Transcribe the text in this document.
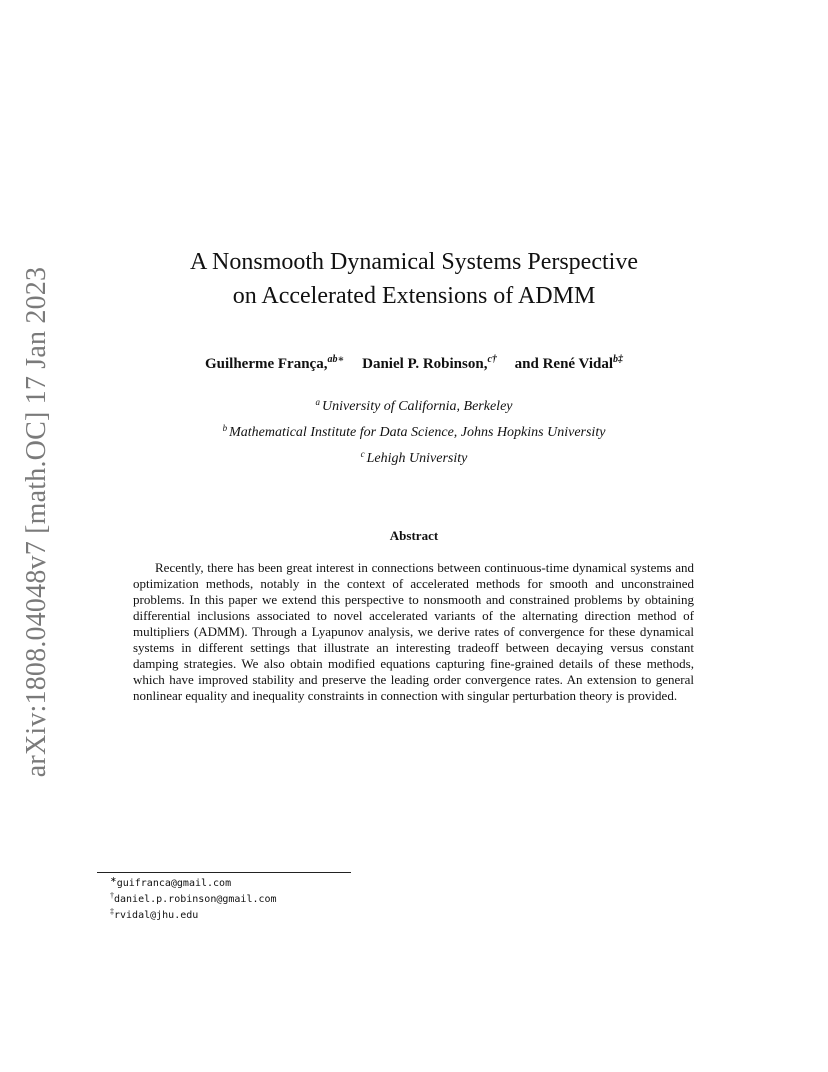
arXiv:1808.04048v7 [math.OC] 17 Jan 2023
A Nonsmooth Dynamical Systems Perspective
on Accelerated Extensions of ADMM
Guilherme França,$^{ab∗}$ Daniel P. Robinson,$^{c\dagger}$ and René Vidal$^{b\ddagger}$
$^a$ University of California, Berkeley
$^b$ Mathematical Institute for Data Science, Johns Hopkins University
$^c$ Lehigh University
Abstract

Recently, there has been great interest in connections between continuous-time dynamical systems and optimization methods, notably in the context of accelerated methods for smooth and unconstrained problems. In this paper we extend this perspective to nonsmooth and constrained problems by obtaining differential inclusions associated to novel accelerated variants of the alternating direction method of multipliers (ADMM). Through a Lyapunov analysis, we derive rates of convergence for these dynamical systems in different settings that illustrate an interesting tradeoff between decaying versus constant damping strategies. We also obtain modified equations capturing fine-grained details of these methods, which have improved stability and preserve the leading order convergence rates. An extension to general nonlinear equality and inequality constraints in connection with singular perturbation theory is provided.

∗guifranca@gmail.com
†daniel.p.robinson@gmail.com
‡rvidal@jhu.edu
